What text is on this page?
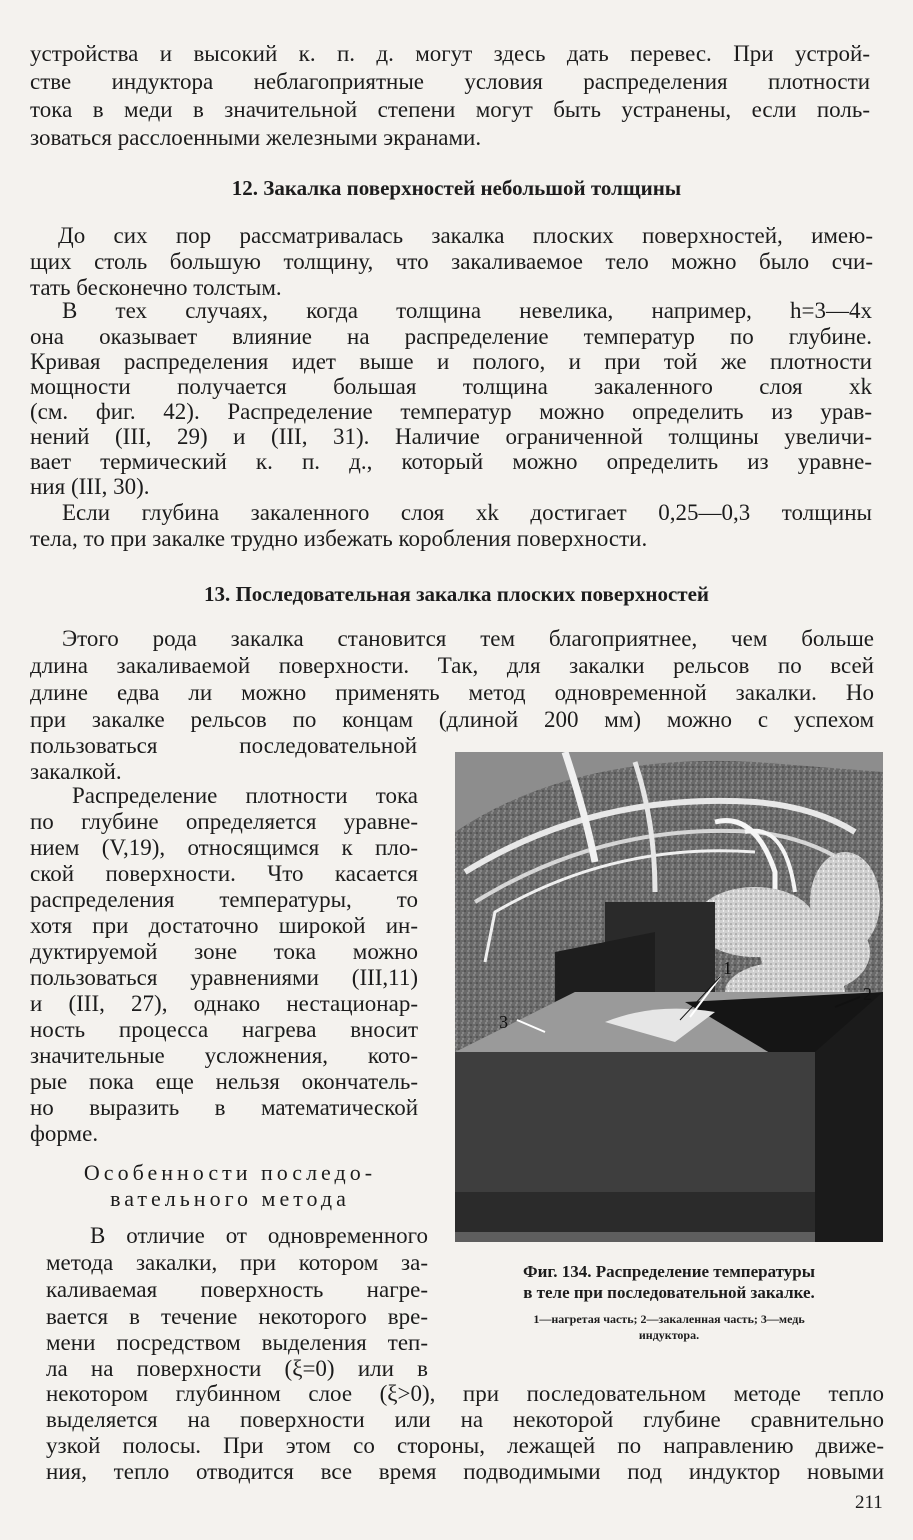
устройства и высокий к. п. д. могут здесь дать перевес. При устрой-
стве индуктора неблагоприятные условия распределения плотности
тока в меди в значительной степени могут быть устранены, если поль-
зоваться расслоенными железными экранами.
12. Закалка поверхностей небольшой толщины
До сих пор рассматривалась закалка плоских поверхностей, имею-
щих столь большую толщину, что закаливаемое тело можно было счи-
тать бесконечно толстым.
В тех случаях, когда толщина невелика, например, h=3—4x
она оказывает влияние на распределение температур по глубине.
Кривая распределения идет выше и полого, и при той же плотности
мощности получается большая толщина закаленного слоя xk
(см. фиг. 42). Распределение температур можно определить из урав-
нений (III, 29) и (III, 31). Наличие ограниченной толщины увеличи-
вает термический к. п. д., который можно определить из уравне-
ния (III, 30).
Если глубина закаленного слоя xk достигает 0,25—0,3 толщины
тела, то при закалке трудно избежать коробления поверхности.
13. Последовательная закалка плоских поверхностей
Этого рода закалка становится тем благоприятнее, чем больше
длина закаливаемой поверхности. Так, для закалки рельсов по всей
длине едва ли можно применять метод одновременной закалки. Но
при закалке рельсов по концам (длиной 200 мм) можно с успехом
пользоваться последовательной
закалкой.
Распределение плотности тока
по глубине определяется уравне-
нием (V,19), относящимся к пло-
ской поверхности. Что касается
распределения температуры, то
хотя при достаточно широкой ин-
дуктируемой зоне тока можно
пользоваться уравнениями (III,11)
и (III, 27), однако нестационар-
ность процесса нагрева вносит
значительные усложнения, кото-
рые пока еще нельзя окончатель-
но выразить в математической
форме.
Особенности последо-
вательного метода
В отличие от одновременного
метода закалки, при котором за-
каливаемая поверхность нагре-
вается в течение некоторого вре-
мени посредством выделения теп-
ла на поверхности (ξ=0) или в
некотором глубинном слое (ξ>0), при последовательном методе тепло
выделяется на поверхности или на некоторой глубине сравнительно
узкой полосы. При этом со стороны, лежащей по направлению движе-
ния, тепло отводится все время подводимыми под индуктор новыми
1
2
3
Фиг. 134. Распределение температуры
в теле при последовательной закалке.
1—нагретая часть; 2—закаленная часть; 3—медь
индуктора.
211
